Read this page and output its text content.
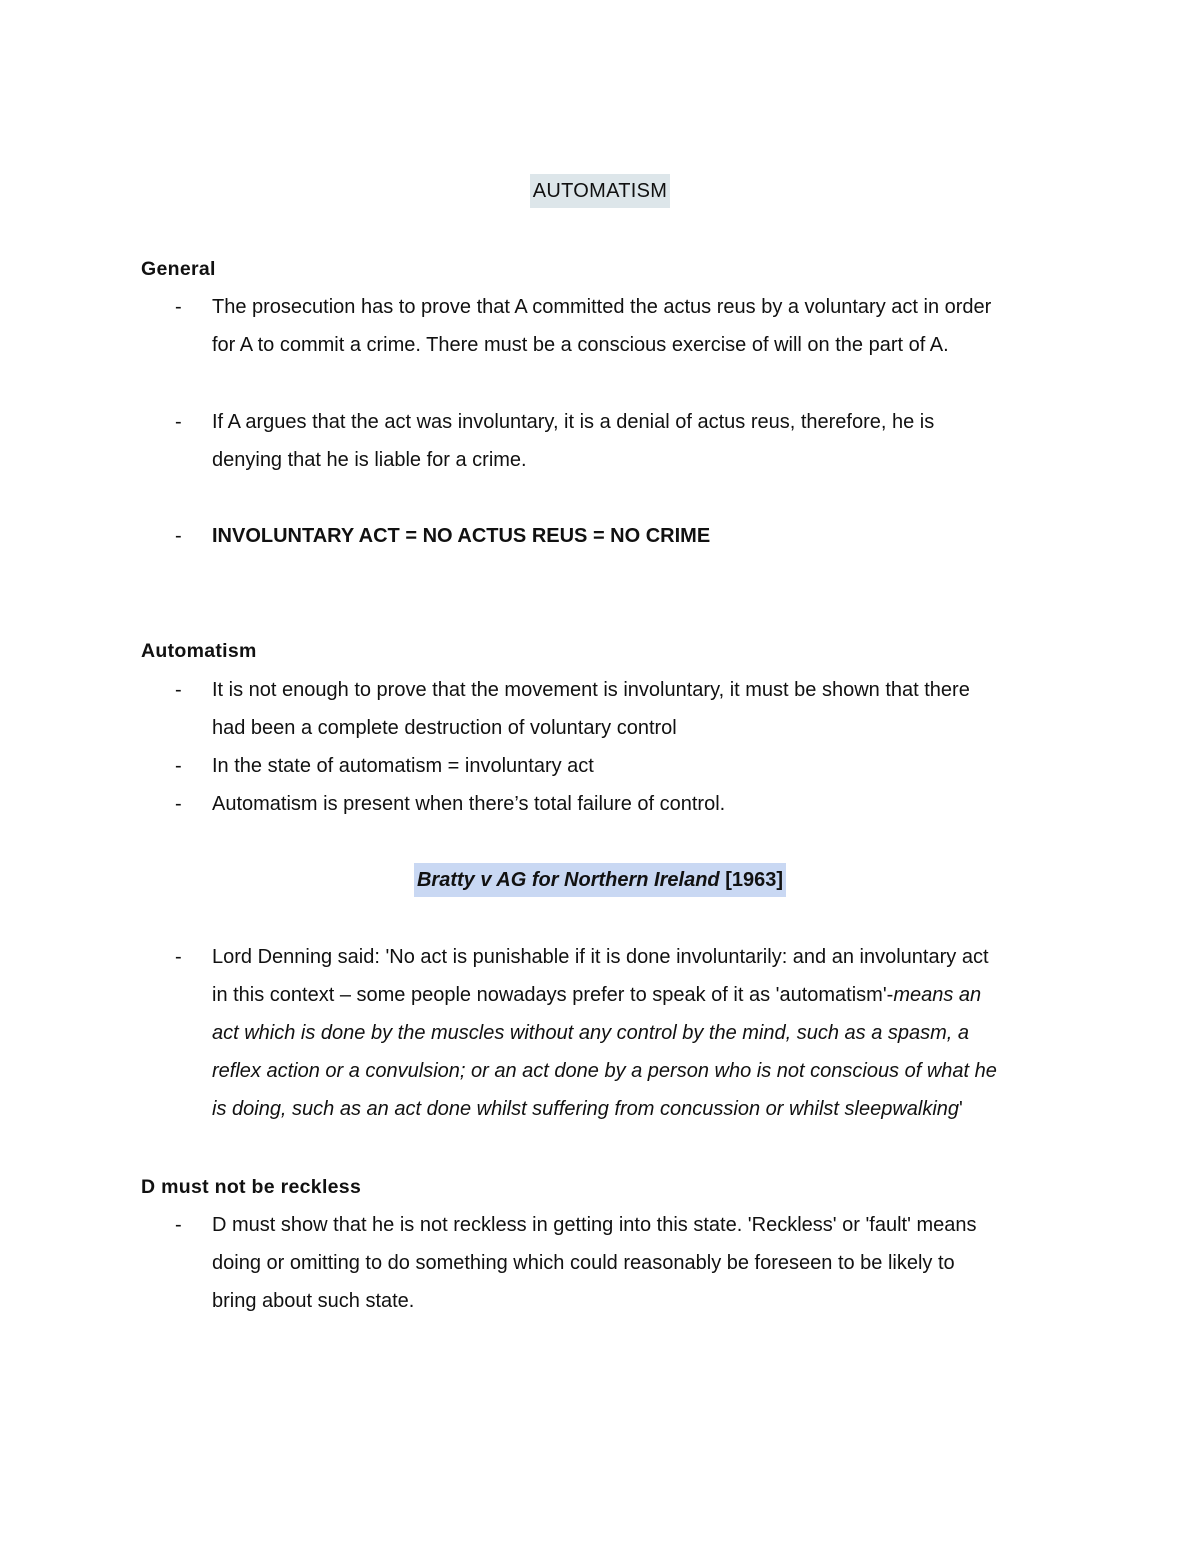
AUTOMATISM
General
- The prosecution has to prove that A committed the actus reus by a voluntary act in order
for A to commit a crime. There must be a conscious exercise of will on the part of A.
- If A argues that the act was involuntary, it is a denial of actus reus, therefore, he is
denying that he is liable for a crime.
- INVOLUNTARY ACT = NO ACTUS REUS = NO CRIME
Automatism
- It is not enough to prove that the movement is involuntary, it must be shown that there
had been a complete destruction of voluntary control
- In the state of automatism = involuntary act
- Automatism is present when there’s total failure of control.
Bratty v AG for Northern Ireland [1963]
- Lord Denning said: 'No act is punishable if it is done involuntarily: and an involuntary act
in this context – some people nowadays prefer to speak of it as 'automatism'-means an
act which is done by the muscles without any control by the mind, such as a spasm, a
reflex action or a convulsion; or an act done by a person who is not conscious of what he
is doing, such as an act done whilst suffering from concussion or whilst sleepwalking'
D must not be reckless
- D must show that he is not reckless in getting into this state. 'Reckless' or 'fault' means
doing or omitting to do something which could reasonably be foreseen to be likely to
bring about such state.
